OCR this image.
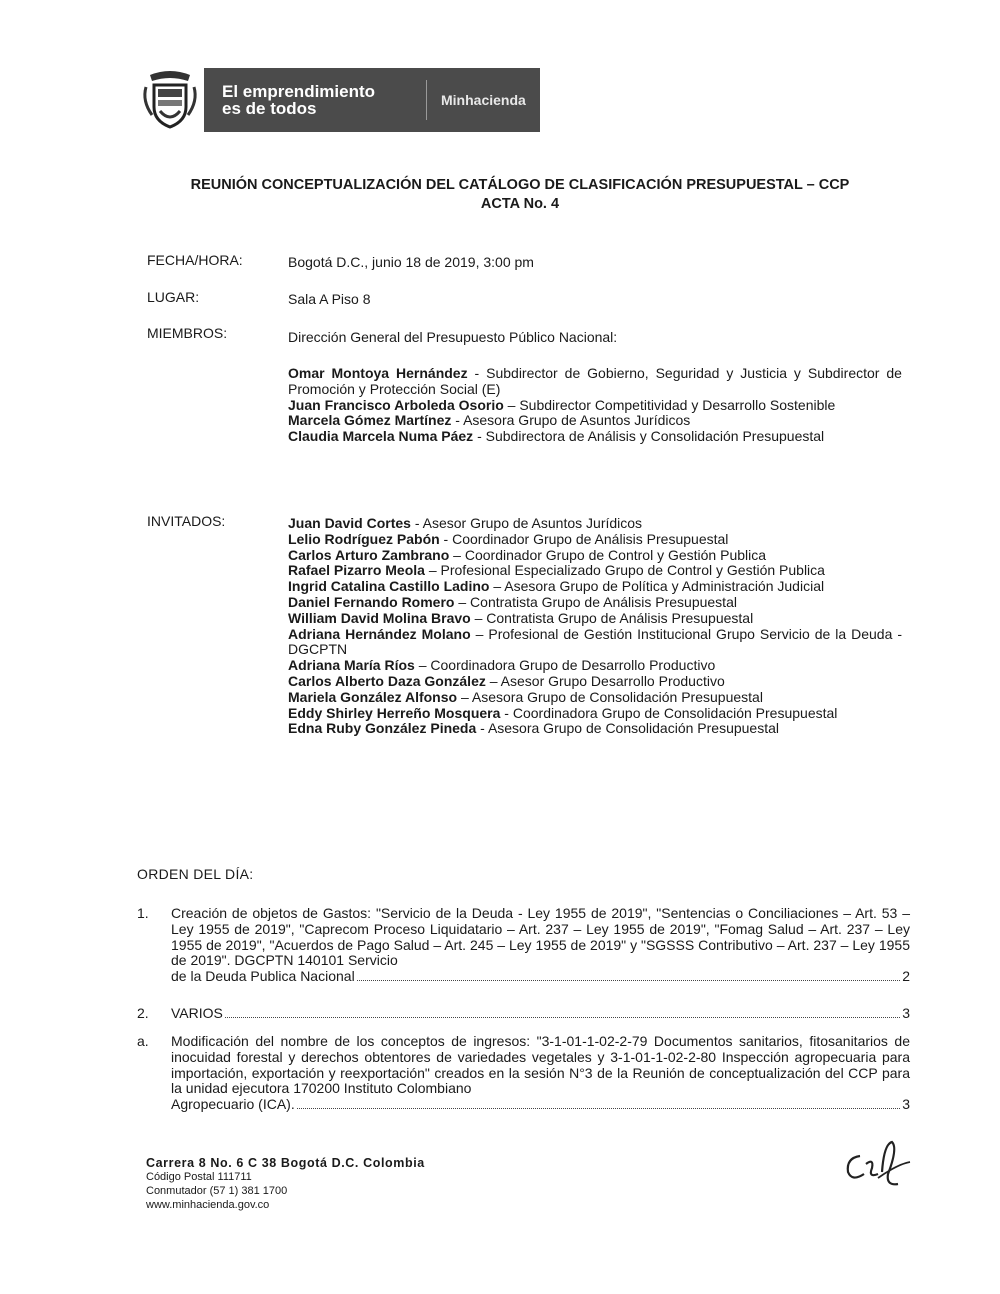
El emprendimiento
es de todos	Minhacienda
REUNIÓN CONCEPTUALIZACIÓN DEL CATÁLOGO DE CLASIFICACIÓN PRESUPUESTAL – CCP
ACTA No. 4
FECHA/HORA:	Bogotá D.C., junio 18 de 2019, 3:00 pm
LUGAR:	Sala A Piso 8
MIEMBROS:	Dirección General del Presupuesto Público Nacional:
Omar Montoya Hernández - Subdirector de Gobierno, Seguridad y Justicia y Subdirector de Promoción y Protección Social (E)
Juan Francisco Arboleda Osorio – Subdirector Competitividad y Desarrollo Sostenible
Marcela Gómez Martínez - Asesora Grupo de Asuntos Jurídicos
Claudia Marcela Numa Páez - Subdirectora de Análisis y Consolidación Presupuestal
INVITADOS:	Juan David Cortes - Asesor Grupo de Asuntos Jurídicos
Lelio Rodríguez Pabón - Coordinador Grupo de Análisis Presupuestal
Carlos Arturo Zambrano – Coordinador Grupo de Control y Gestión Publica
Rafael Pizarro Meola – Profesional Especializado Grupo de Control y Gestión Publica
Ingrid Catalina Castillo Ladino – Asesora Grupo de Política y Administración Judicial
Daniel Fernando Romero – Contratista Grupo de Análisis Presupuestal
William David Molina Bravo – Contratista Grupo de Análisis Presupuestal
Adriana Hernández Molano – Profesional de Gestión Institucional Grupo Servicio de la Deuda -DGCPTN
Adriana María Ríos – Coordinadora Grupo de Desarrollo Productivo
Carlos Alberto Daza González – Asesor Grupo Desarrollo Productivo
Mariela González Alfonso – Asesora Grupo de Consolidación Presupuestal
Eddy Shirley Herreño Mosquera - Coordinadora Grupo de Consolidación Presupuestal
Edna Ruby González Pineda - Asesora Grupo de Consolidación Presupuestal
ORDEN DEL DÍA:
1. Creación de objetos de Gastos: "Servicio de la Deuda - Ley 1955 de 2019", "Sentencias o Conciliaciones – Art. 53 – Ley 1955 de 2019", "Caprecom Proceso Liquidatario – Art. 237 – Ley 1955 de 2019", "Fomag Salud – Art. 237 – Ley 1955 de 2019", "Acuerdos de Pago Salud – Art. 245 – Ley 1955 de 2019" y "SGSSS Contributivo – Art. 237 – Ley 1955 de 2019". DGCPTN 140101 Servicio
de la Deuda Publica Nacional	2
2. VARIOS	3
a. Modificación del nombre de los conceptos de ingresos: "3-1-01-1-02-2-79 Documentos sanitarios, fitosanitarios de inocuidad forestal y derechos obtentores de variedades vegetales y 3-1-01-1-02-2-80 Inspección agropecuaria para importación, exportación y reexportación" creados en la sesión N°3 de la Reunión de conceptualización del CCP para la unidad ejecutora 170200 Instituto Colombiano
Agropecuario (ICA).	3
Carrera 8 No. 6 C 38 Bogotá D.C. Colombia
Código Postal 111711
Conmutador (57 1) 381 1700
www.minhacienda.gov.co
